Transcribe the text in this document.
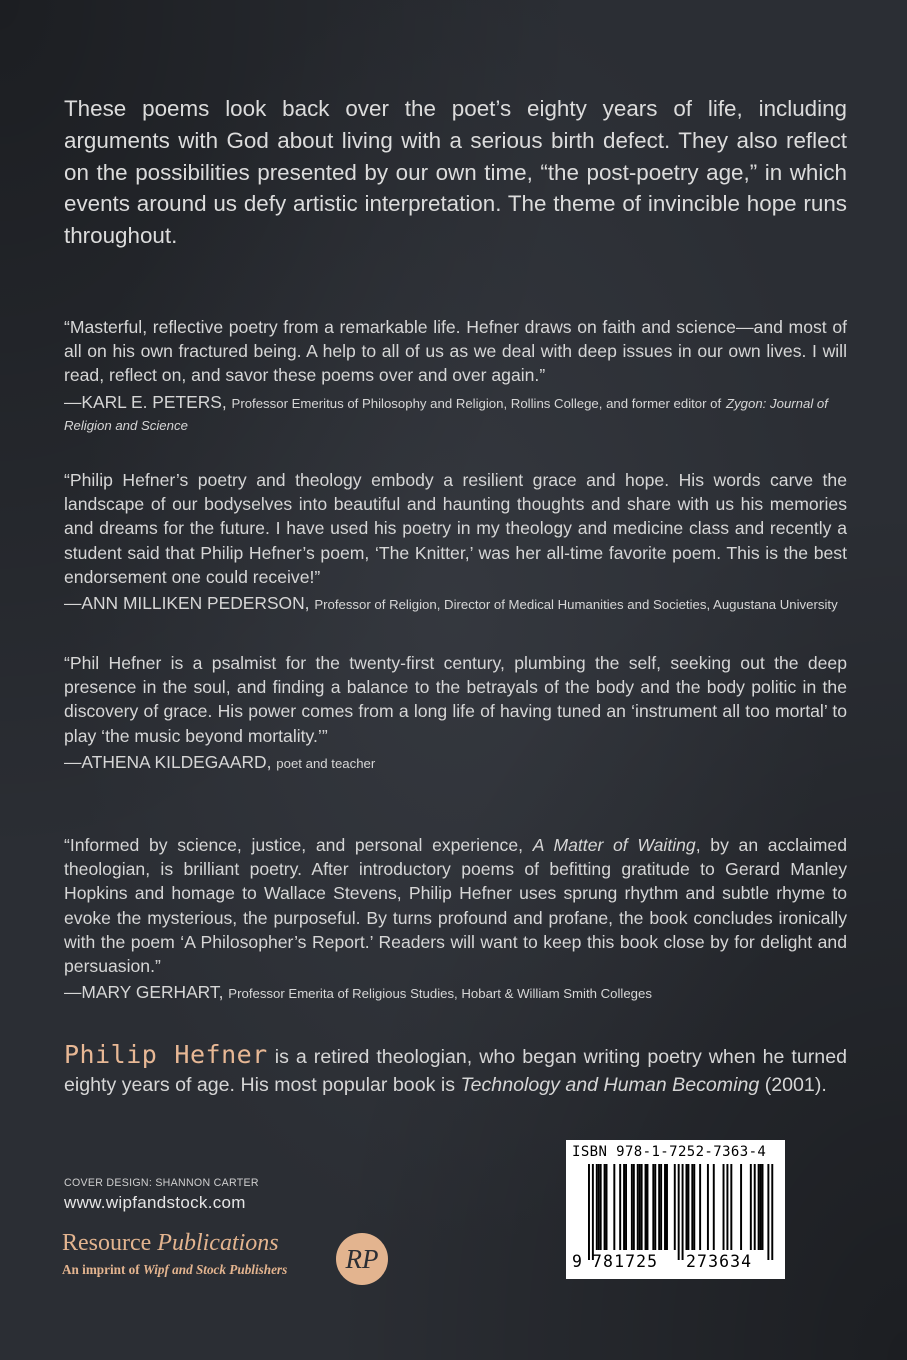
These poems look back over the poet’s eighty years of life, including arguments with God about living with a serious birth defect. They also reflect on the possibilities presented by our own time, “the post-poetry age,” in which events around us defy artistic interpretation. The theme of invincible hope runs throughout.

“Masterful, reflective poetry from a remarkable life. Hefner draws on faith and science—and most of all on his own fractured being. A help to all of us as we deal with deep issues in our own lives. I will read, reflect on, and savor these poems over and over again.”

—KARL E. PETERS, Professor Emeritus of Philosophy and Religion, Rollins College, and former editor of Zygon: Journal of Religion and Science

“Philip Hefner’s poetry and theology embody a resilient grace and hope. His words carve the landscape of our bodyselves into beautiful and haunting thoughts and share with us his memories and dreams for the future. I have used his poetry in my theology and medicine class and recently a student said that Philip Hefner’s poem, ‘The Knitter,’ was her all-time favorite poem. This is the best endorsement one could receive!”

—ANN MILLIKEN PEDERSON, Professor of Religion, Director of Medical Humanities and Societies, Augustana University

“Phil Hefner is a psalmist for the twenty-first century, plumbing the self, seeking out the deep presence in the soul, and finding a balance to the betrayals of the body and the body politic in the discovery of grace. His power comes from a long life of having tuned an ‘instrument all too mortal’ to play ‘the music beyond mortality.’”

—ATHENA KILDEGAARD, poet and teacher

“Informed by science, justice, and personal experience, A Matter of Waiting, by an acclaimed theologian, is brilliant poetry. After introductory poems of befitting gratitude to Gerard Manley Hopkins and homage to Wallace Stevens, Philip Hefner uses sprung rhythm and subtle rhyme to evoke the mysterious, the purposeful. By turns profound and profane, the book concludes ironically with the poem ‘A Philosopher’s Report.’ Readers will want to keep this book close by for delight and persuasion.”

—MARY GERHART, Professor Emerita of Religious Studies, Hobart & William Smith Colleges

Philip Hefner is a retired theologian, who began writing poetry when he turned eighty years of age. His most popular book is Technology and Human Becoming (2001).

COVER DESIGN: SHANNON CARTER
www.wipfandstock.com
Resource Publications
An imprint of Wipf and Stock Publishers	RP
ISBN 978-1-7252-7363-4
9 781725 273634
